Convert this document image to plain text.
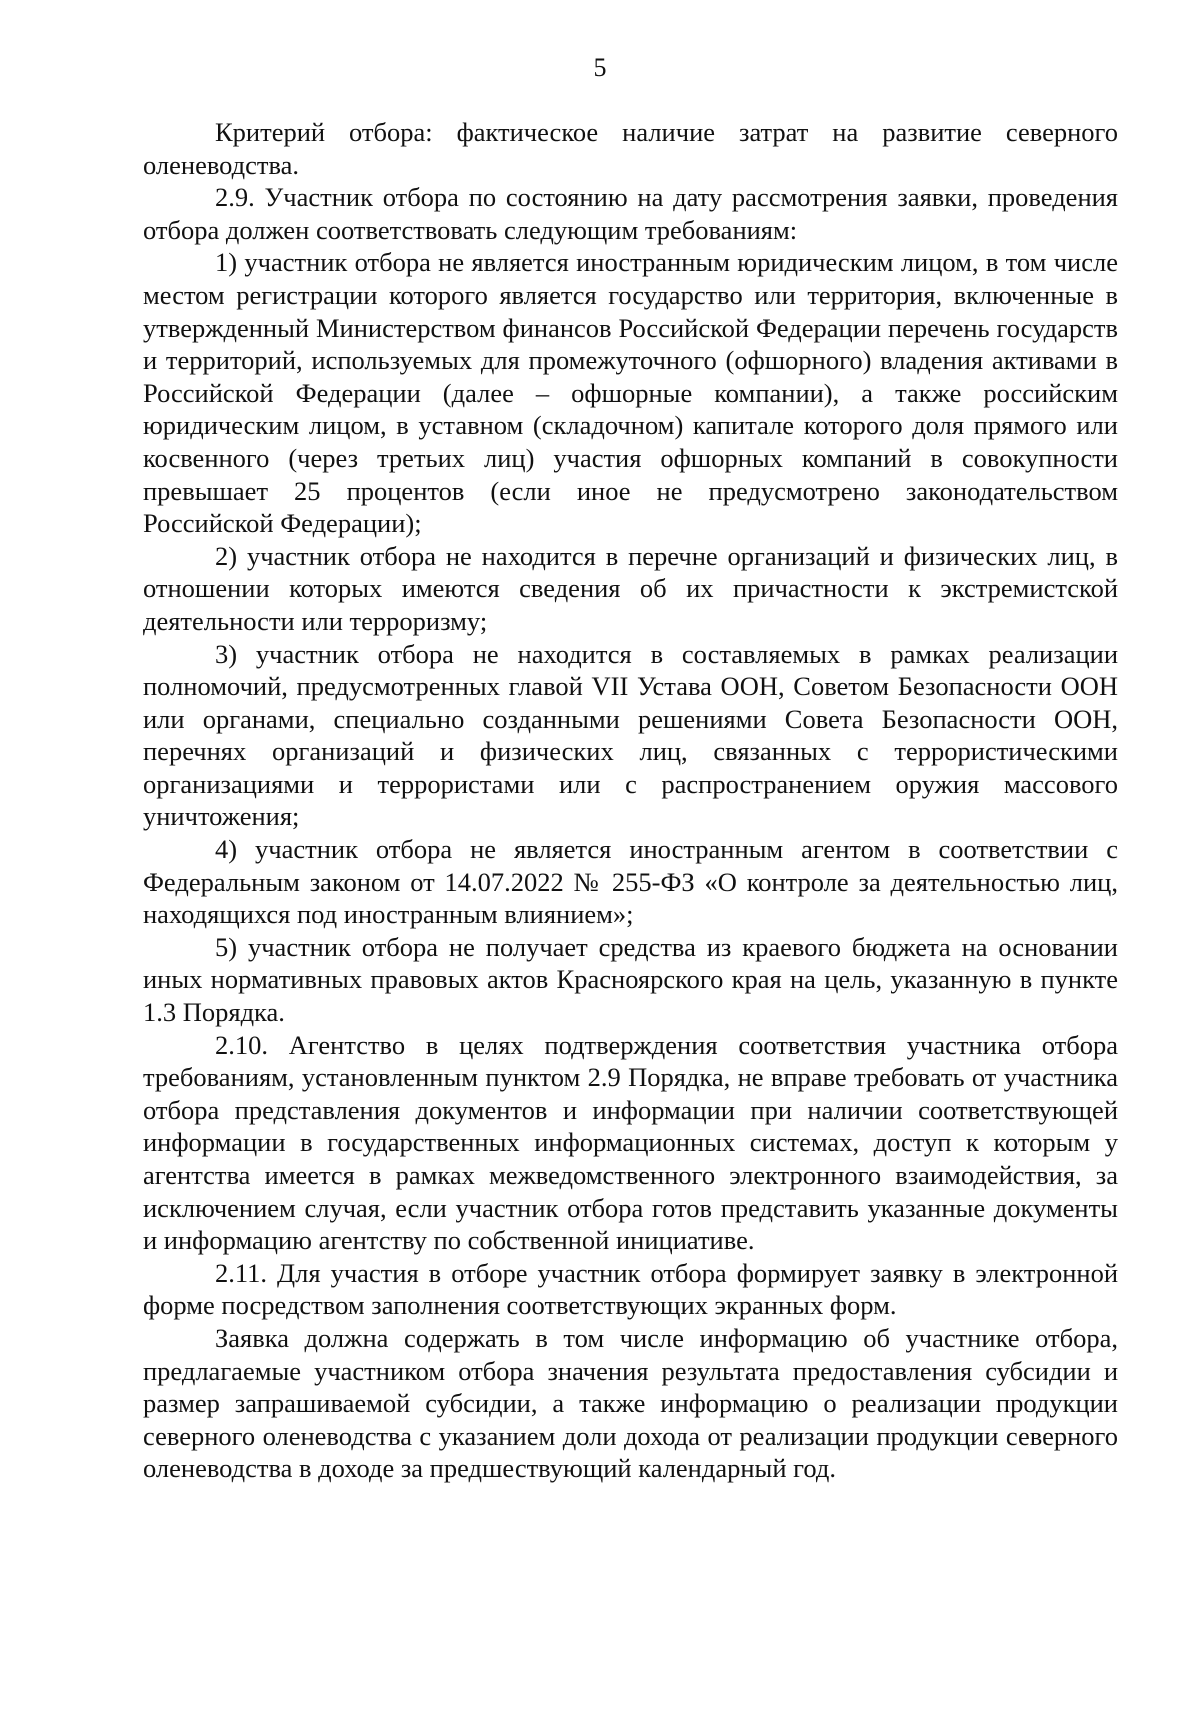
5

Критерий отбора: фактическое наличие затрат на развитие северного оленеводства.

2.9. Участник отбора по состоянию на дату рассмотрения заявки, проведения отбора должен соответствовать следующим требованиям:

1) участник отбора не является иностранным юридическим лицом, в том числе местом регистрации которого является государство или территория, включенные в утвержденный Министерством финансов Российской Федерации перечень государств и территорий, используемых для промежуточного (офшорного) владения активами в Российской Федерации (далее – офшорные компании), а также российским юридическим лицом, в уставном (складочном) капитале которого доля прямого или косвенного (через третьих лиц) участия офшорных компаний в совокупности превышает 25 процентов (если иное не предусмотрено законодательством Российской Федерации);

2) участник отбора не находится в перечне организаций и физических лиц, в отношении которых имеются сведения об их причастности к экстремистской деятельности или терроризму;

3) участник отбора не находится в составляемых в рамках реализации полномочий, предусмотренных главой VII Устава ООН, Советом Безопасности ООН или органами, специально созданными решениями Совета Безопасности ООН, перечнях организаций и физических лиц, связанных с террористическими организациями и террористами или с распространением оружия массового уничтожения;

4) участник отбора не является иностранным агентом в соответствии с Федеральным законом от 14.07.2022 № 255-ФЗ «О контроле за деятельностью лиц, находящихся под иностранным влиянием»;

5) участник отбора не получает средства из краевого бюджета на основании иных нормативных правовых актов Красноярского края на цель, указанную в пункте 1.3 Порядка.

2.10. Агентство в целях подтверждения соответствия участника отбора требованиям, установленным пунктом 2.9 Порядка, не вправе требовать от участника отбора представления документов и информации при наличии соответствующей информации в государственных информационных системах, доступ к которым у агентства имеется в рамках межведомственного электронного взаимодействия, за исключением случая, если участник отбора готов представить указанные документы и информацию агентству по собственной инициативе.

2.11. Для участия в отборе участник отбора формирует заявку в электронной форме посредством заполнения соответствующих экранных форм.

Заявка должна содержать в том числе информацию об участнике отбора, предлагаемые участником отбора значения результата предоставления субсидии и размер запрашиваемой субсидии, а также информацию о реализации продукции северного оленеводства с указанием доли дохода от реализации продукции северного оленеводства в доходе за предшествующий календарный год.
